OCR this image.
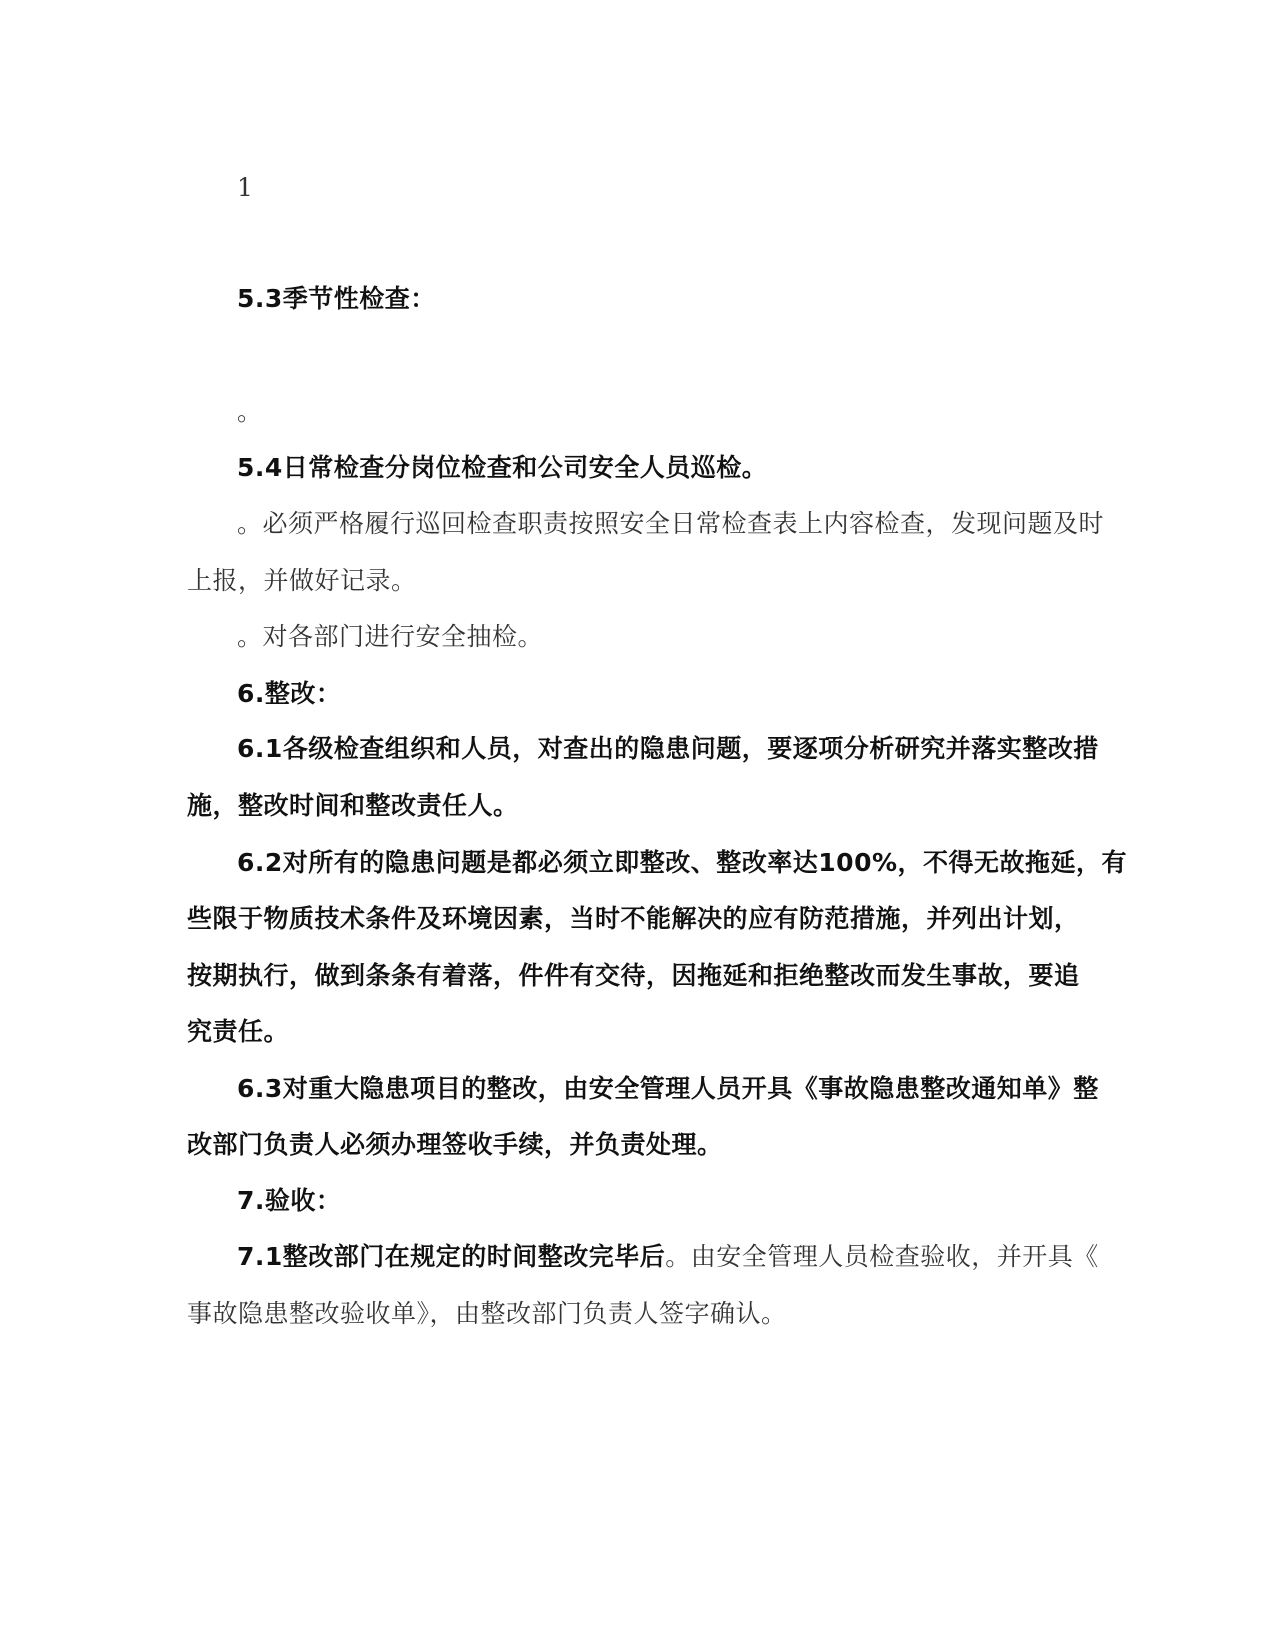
1
5.3季节性检查：
。
5.4日常检查分岗位检查和公司安全人员巡检。
。必须严格履行巡回检查职责按照安全日常检查表上内容检查，发现问题及时
上报，并做好记录。
。对各部门进行安全抽检。
6.整改：
6.1各级检查组织和人员，对查出的隐患问题，要逐项分析研究并落实整改措
施，整改时间和整改责任人。
6.2对所有的隐患问题是都必须立即整改、整改率达100%，不得无故拖延，有
些限于物质技术条件及环境因素，当时不能解决的应有防范措施，并列出计划，
按期执行，做到条条有着落，件件有交待，因拖延和拒绝整改而发生事故，要追
究责任。
6.3对重大隐患项目的整改，由安全管理人员开具《事故隐患整改通知单》整
改部门负责人必须办理签收手续，并负责处理。
7.验收：
7.1整改部门在规定的时间整改完毕后。由安全管理人员检查验收，并开具《
事故隐患整改验收单》，由整改部门负责人签字确认。
